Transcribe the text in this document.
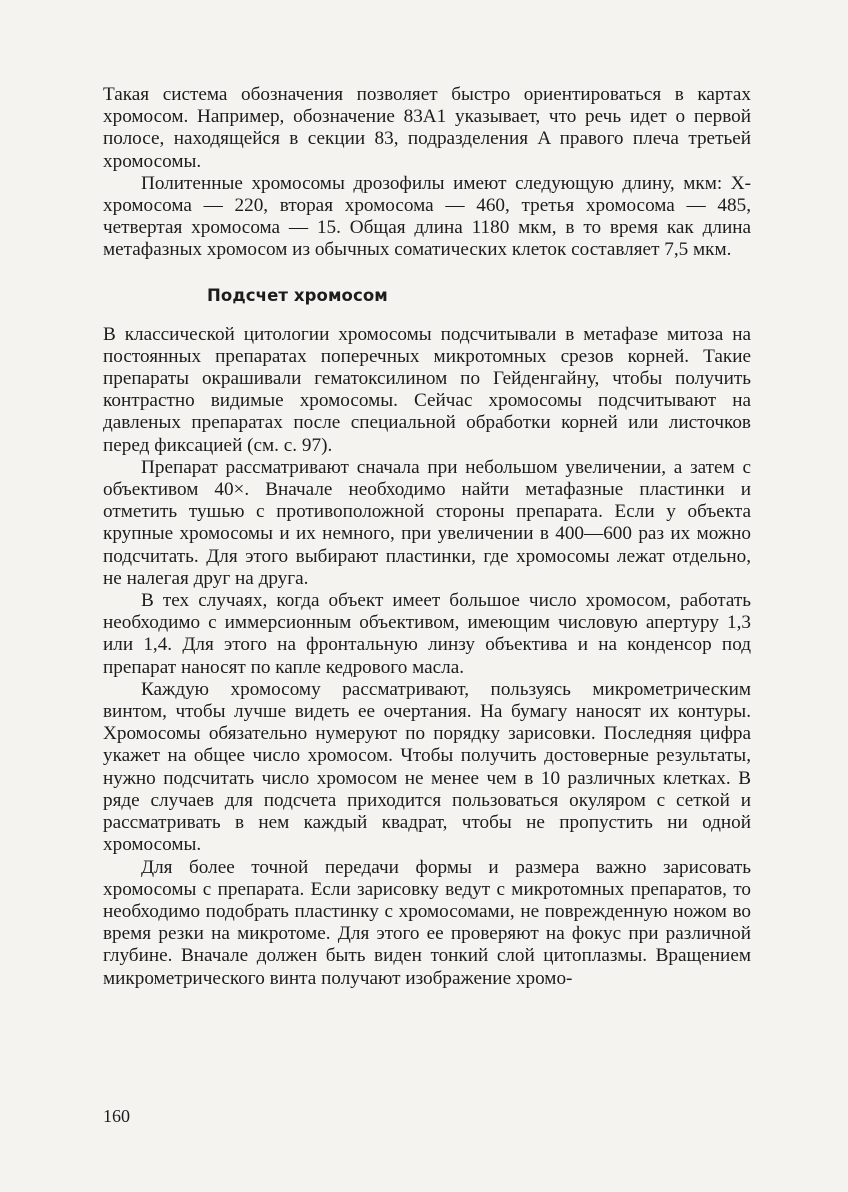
Такая система обозначения позволяет быстро ориентироваться в картах хромосом. Например, обозначение 83A1 указывает, что речь идет о первой полосе, находящейся в секции 83, подразделения A правого плеча третьей хромосомы.

Политенные хромосомы дрозофилы имеют следующую длину, мкм: X-хромосома — 220, вторая хромосома — 460, третья хромосома — 485, четвертая хромосома — 15. Общая длина 1180 мкм, в то время как длина метафазных хромосом из обычных соматических клеток составляет 7,5 мкм.

Подсчет хромосом

В классической цитологии хромосомы подсчитывали в метафазе митоза на постоянных препаратах поперечных микротомных срезов корней. Такие препараты окрашивали гематоксилином по Гейденгайну, чтобы получить контрастно видимые хромосомы. Сейчас хромосомы подсчитывают на давленых препаратах после специальной обработки корней или листочков перед фиксацией (см. с. 97).

Препарат рассматривают сначала при небольшом увеличении, а затем с объективом 40×. Вначале необходимо найти метафазные пластинки и отметить тушью с противоположной стороны препарата. Если у объекта крупные хромосомы и их немного, при увеличении в 400—600 раз их можно подсчитать. Для этого выбирают пластинки, где хромосомы лежат отдельно, не налегая друг на друга.

В тех случаях, когда объект имеет большое число хромосом, работать необходимо с иммерсионным объективом, имеющим числовую апертуру 1,3 или 1,4. Для этого на фронтальную линзу объектива и на конденсор под препарат наносят по капле кедрового масла.

Каждую хромосому рассматривают, пользуясь микрометрическим винтом, чтобы лучше видеть ее очертания. На бумагу наносят их контуры. Хромосомы обязательно нумеруют по порядку зарисовки. Последняя цифра укажет на общее число хромосом. Чтобы получить достоверные результаты, нужно подсчитать число хромосом не менее чем в 10 различных клетках. В ряде случаев для подсчета приходится пользоваться окуляром с сеткой и рассматривать в нем каждый квадрат, чтобы не пропустить ни одной хромосомы.

Для более точной передачи формы и размера важно зарисовать хромосомы с препарата. Если зарисовку ведут с микротомных препаратов, то необходимо подобрать пластинку с хромосомами, не поврежденную ножом во время резки на микротоме. Для этого ее проверяют на фокус при различной глубине. Вначале должен быть виден тонкий слой цитоплазмы. Вращением микрометрического винта получают изображение хромо-

160
